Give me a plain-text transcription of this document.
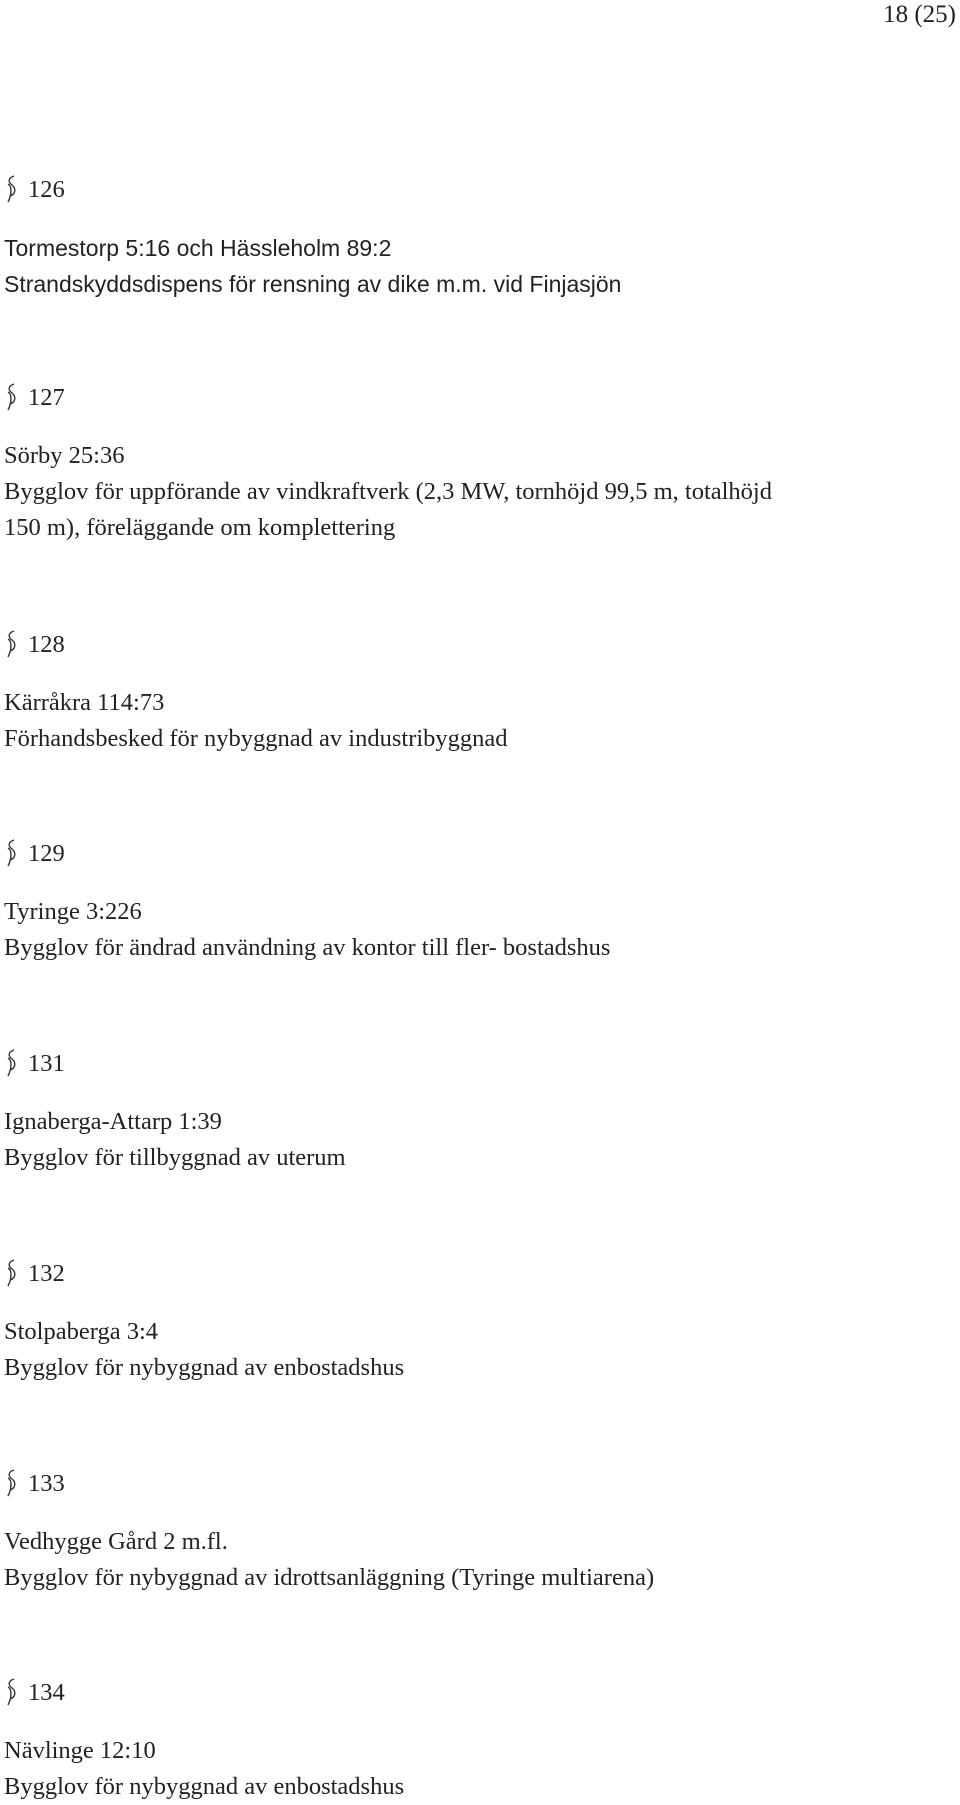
18 (25)
126
Tormestorp 5:16 och Hässleholm 89:2
Strandskyddsdispens för rensning av dike m.m. vid Finjasjön
127
Sörby 25:36
Bygglov för uppförande av vindkraftverk (2,3 MW, tornhöjd 99,5 m, totalhöjd
150 m), föreläggande om komplettering
128
Kärråkra 114:73
Förhandsbesked för nybyggnad av industribyggnad
129
Tyringe 3:226
Bygglov för ändrad användning av kontor till fler- bostadshus
131
Ignaberga-Attarp 1:39
Bygglov för tillbyggnad av uterum
132
Stolpaberga 3:4
Bygglov för nybyggnad av enbostadshus
133
Vedhygge Gård 2 m.fl.
Bygglov för nybyggnad av idrottsanläggning (Tyringe multiarena)
134
Nävlinge 12:10
Bygglov för nybyggnad av enbostadshus
